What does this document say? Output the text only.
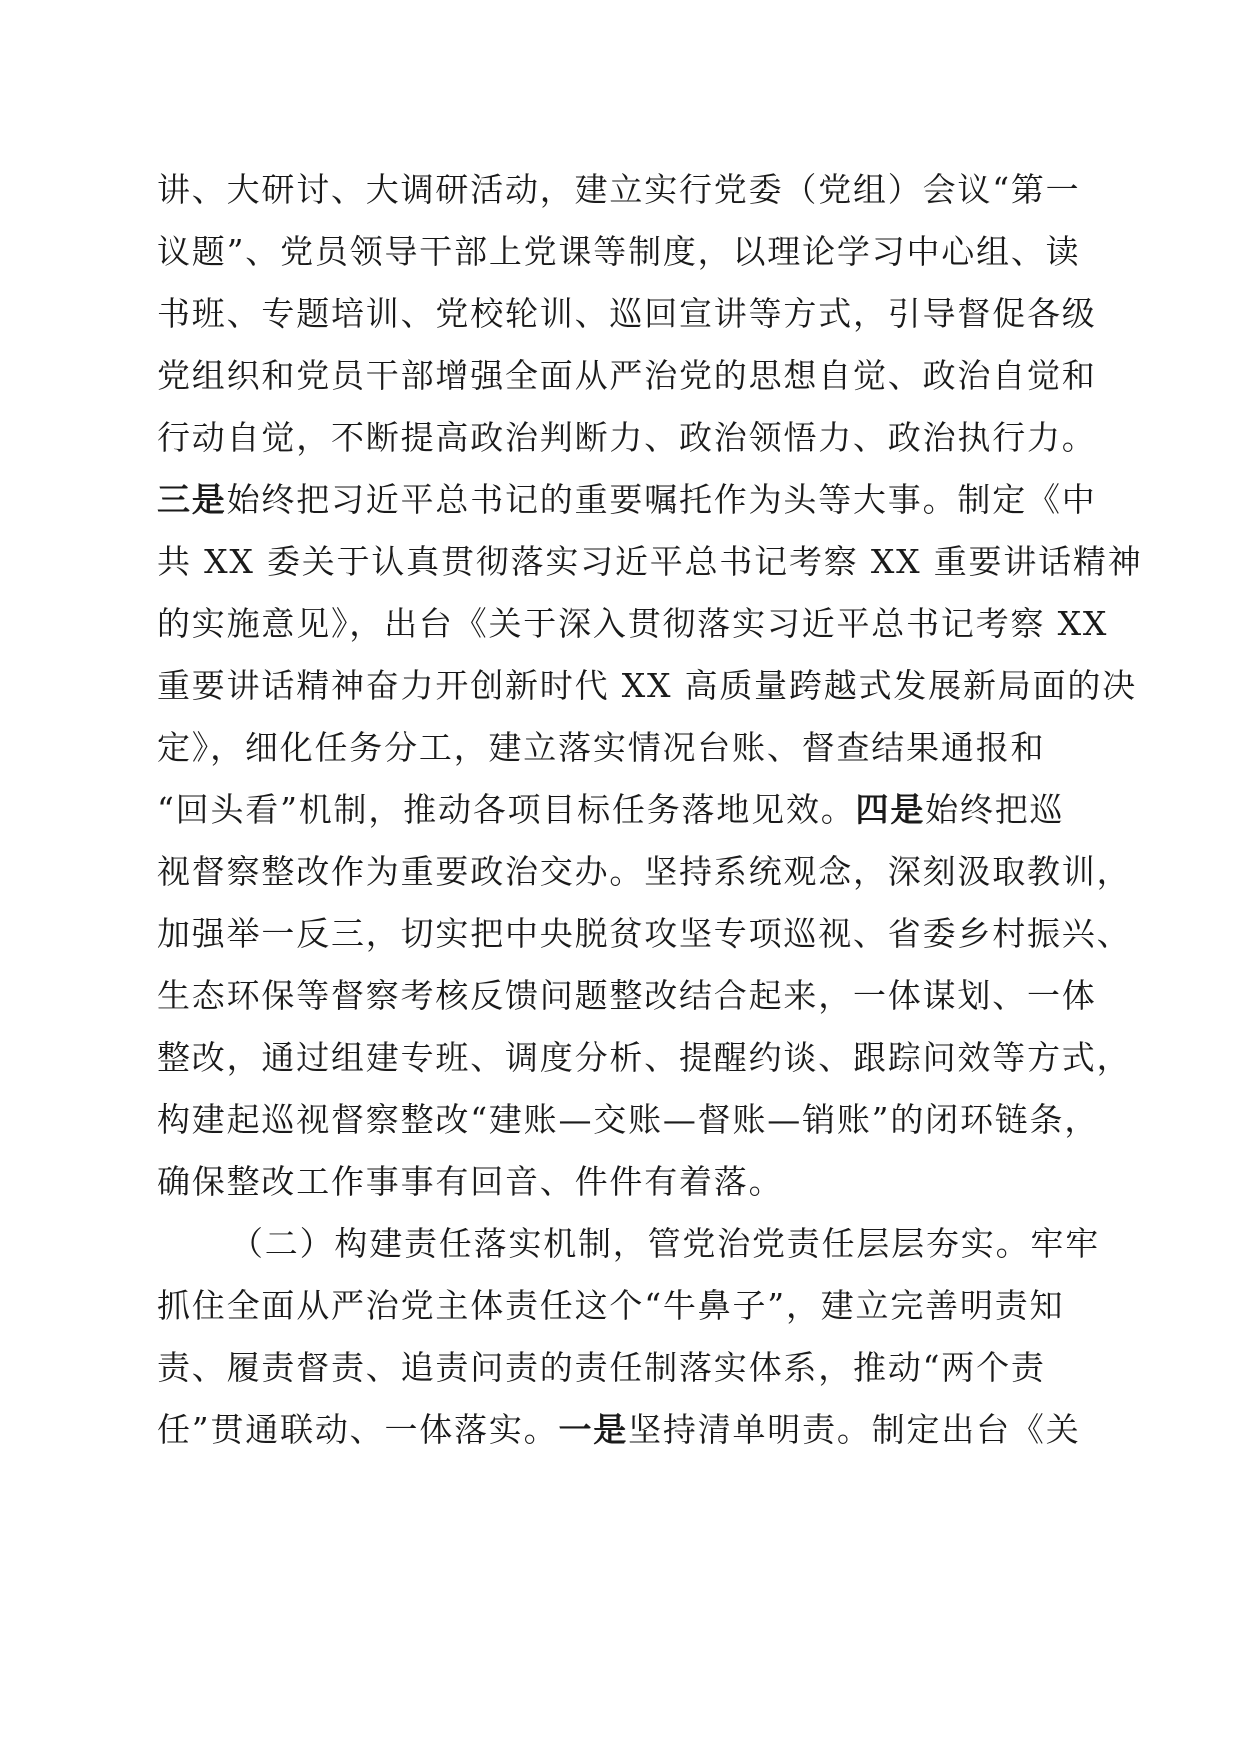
讲、大研讨、大调研活动，建立实行党委（党组）会议“第一
议题”、党员领导干部上党课等制度，以理论学习中心组、读
书班、专题培训、党校轮训、巡回宣讲等方式，引导督促各级
党组织和党员干部增强全面从严治党的思想自觉、政治自觉和
行动自觉，不断提高政治判断力、政治领悟力、政治执行力。
三是始终把习近平总书记的重要嘱托作为头等大事。制定《中
共 XX 委关于认真贯彻落实习近平总书记考察 XX 重要讲话精神
的实施意见》，出台《关于深入贯彻落实习近平总书记考察 XX
重要讲话精神奋力开创新时代 XX 高质量跨越式发展新局面的决
定》，细化任务分工，建立落实情况台账、督查结果通报和
“回头看”机制，推动各项目标任务落地见效。四是始终把巡
视督察整改作为重要政治交办。坚持系统观念，深刻汲取教训，
加强举一反三，切实把中央脱贫攻坚专项巡视、省委乡村振兴、
生态环保等督察考核反馈问题整改结合起来，一体谋划、一体
整改，通过组建专班、调度分析、提醒约谈、跟踪问效等方式，
构建起巡视督察整改“建账—交账—督账—销账”的闭环链条，
确保整改工作事事有回音、件件有着落。
（二）构建责任落实机制，管党治党责任层层夯实。牢牢
抓住全面从严治党主体责任这个“牛鼻子”，建立完善明责知
责、履责督责、追责问责的责任制落实体系，推动“两个责
任”贯通联动、一体落实。一是坚持清单明责。制定出台《关
